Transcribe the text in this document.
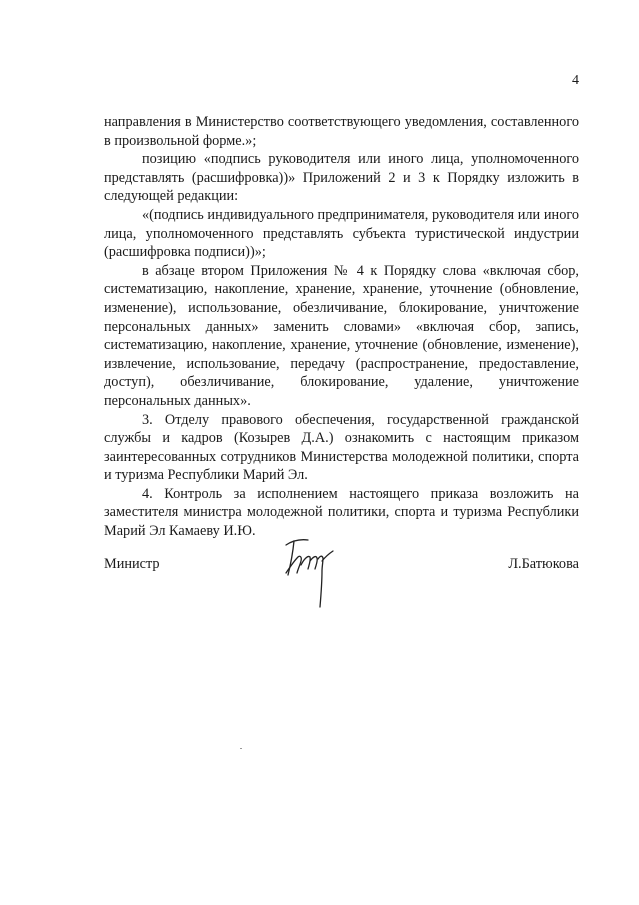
4

направления в Министерство соответствующего уведомления, составленного в произвольной форме.»;

позицию «подпись руководителя или иного лица, уполномоченного представлять (расшифровка))» Приложений 2 и 3 к Порядку изложить в следующей редакции:

«(подпись индивидуального предпринимателя, руководителя или иного лица, уполномоченного представлять субъекта туристической индустрии (расшифровка подписи))»;

в абзаце втором Приложения № 4 к Порядку слова «включая сбор, систематизацию, накопление, хранение, хранение, уточнение (обновление, изменение), использование, обезличивание, блокирование, уничтожение персональных данных» заменить словами» «включая сбор, запись, систематизацию, накопление, хранение, уточнение (обновление, изменение), извлечение, использование, передачу (распространение, предоставление, доступ), обезличивание, блокирование, удаление, уничтожение персональных данных».

3. Отделу правового обеспечения, государственной гражданской службы и кадров (Козырев Д.А.) ознакомить с настоящим приказом заинтересованных сотрудников Министерства молодежной политики, спорта и туризма Республики Марий Эл.

4. Контроль за исполнением настоящего приказа возложить на заместителя министра молодежной политики, спорта и туризма Республики Марий Эл Камаеву И.Ю.

Министр	Л.Батюкова
